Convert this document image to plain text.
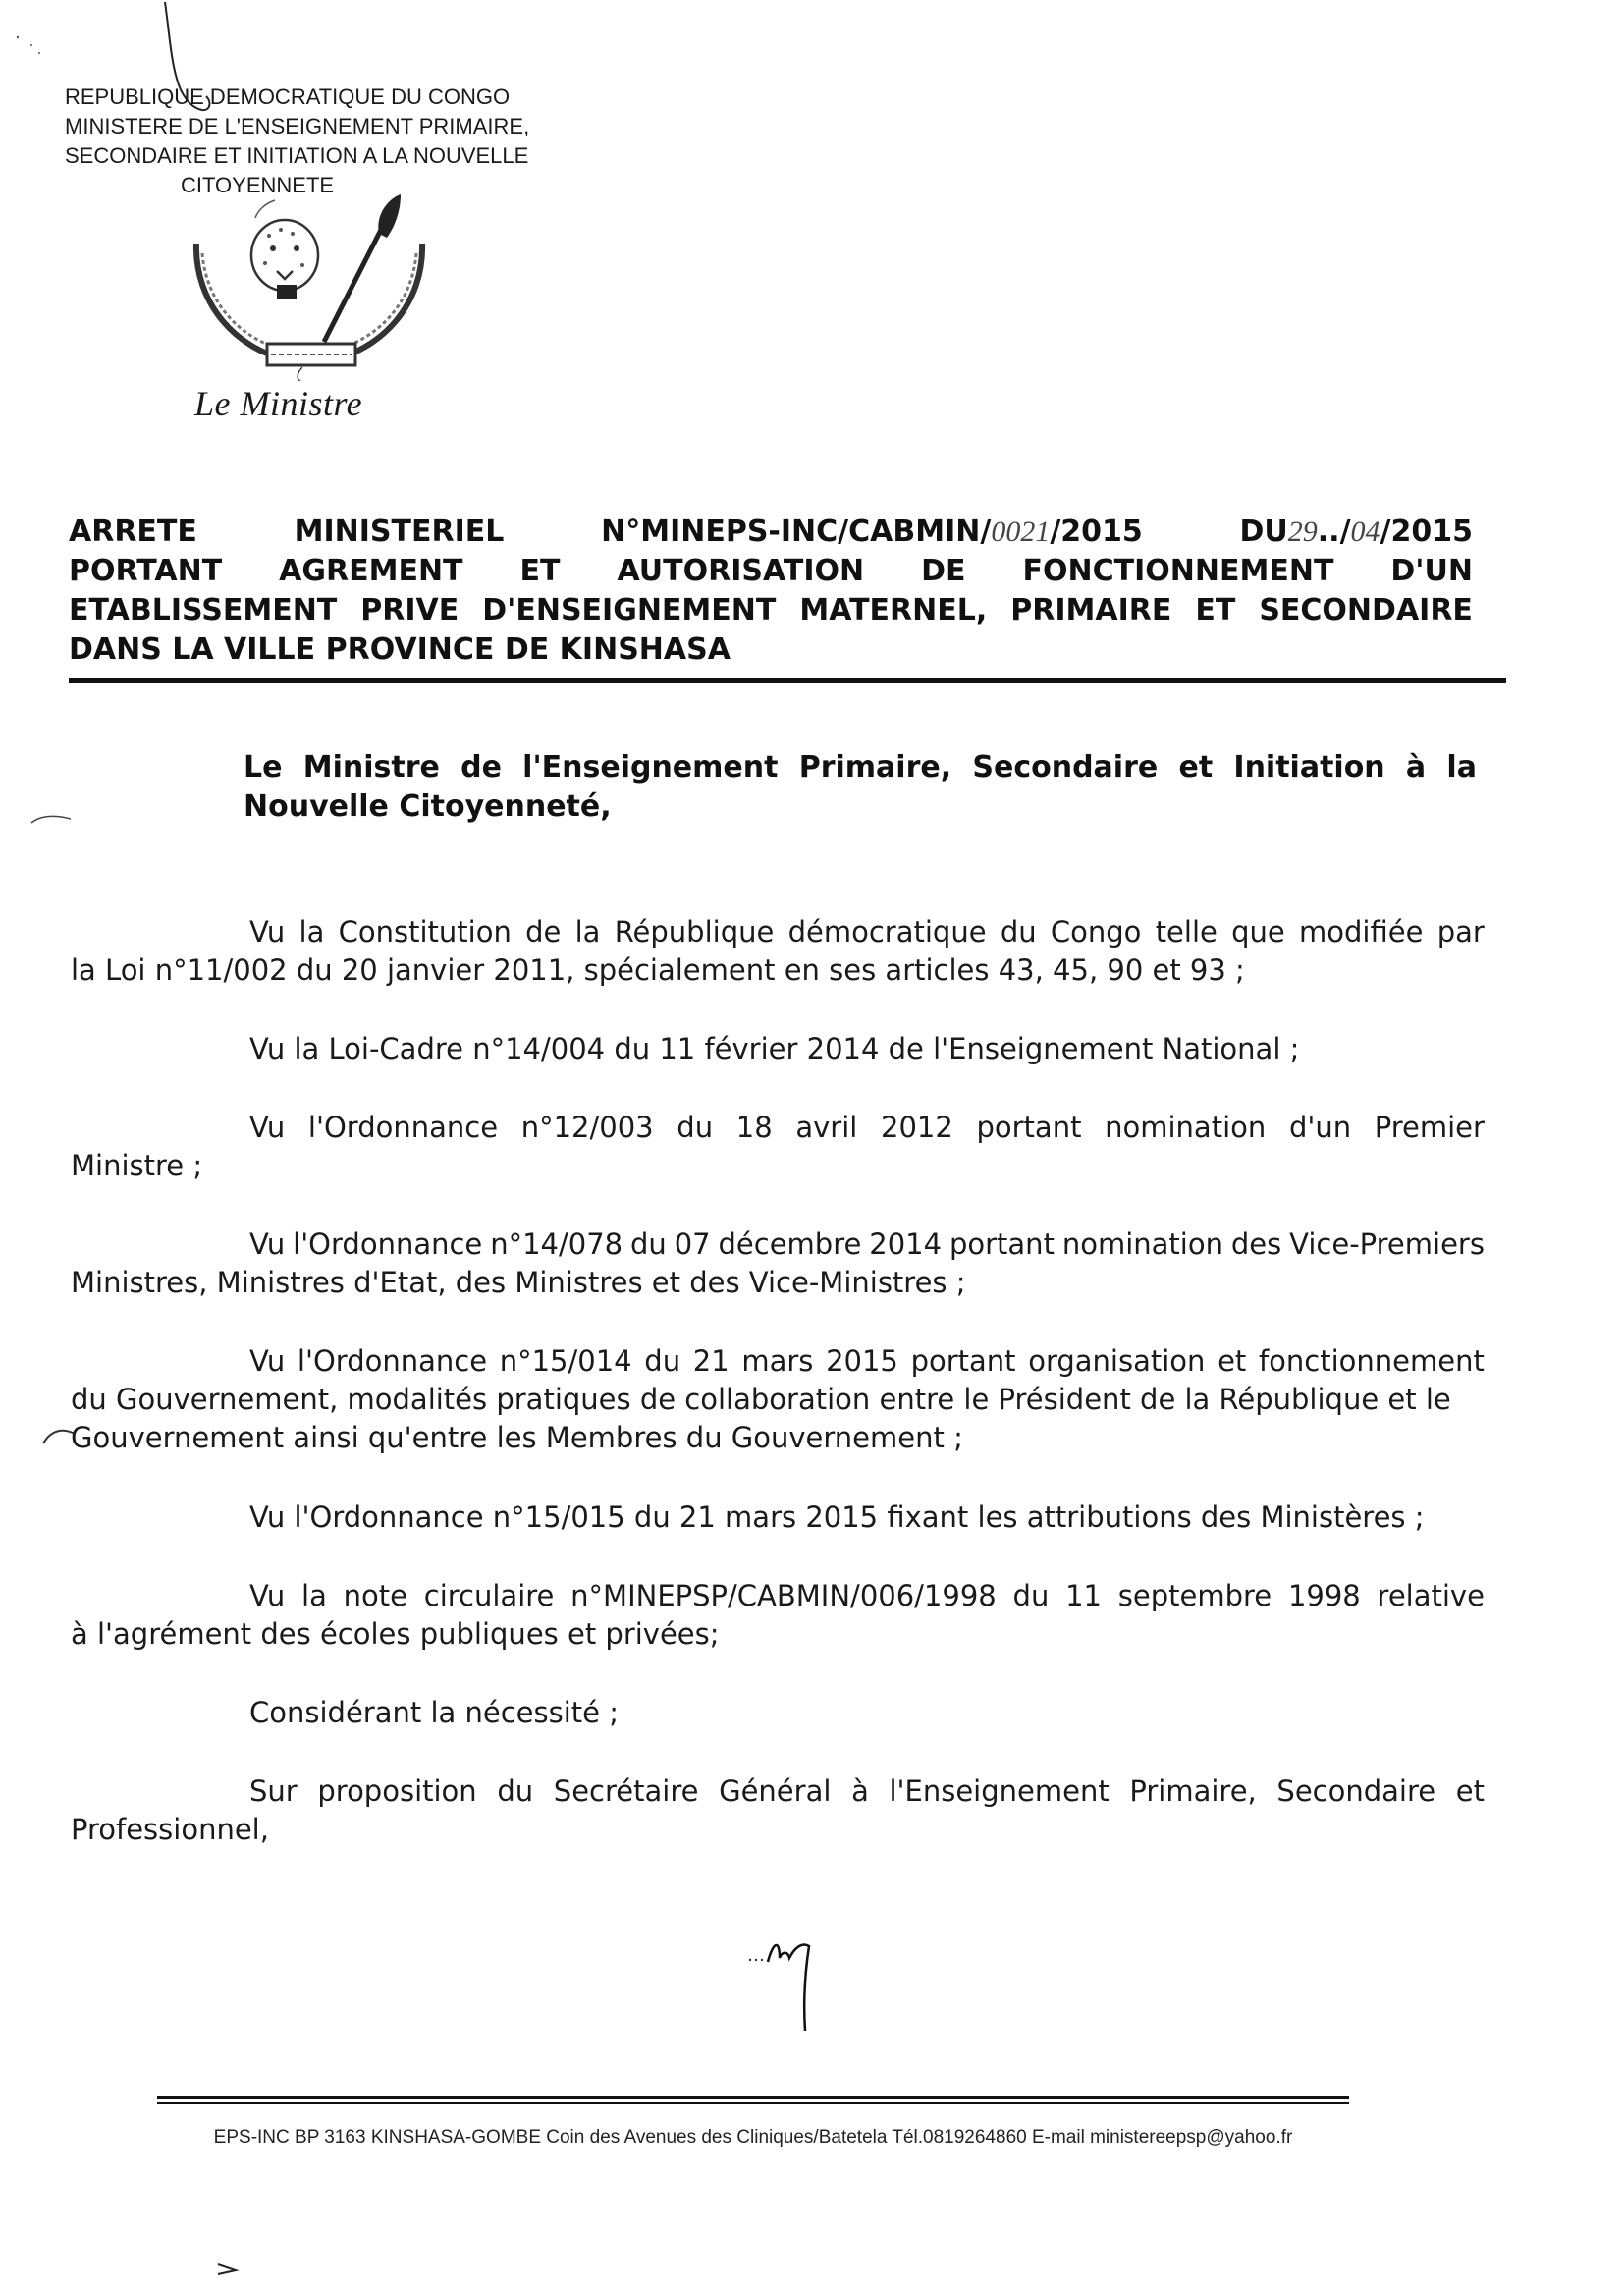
REPUBLIQUE DEMOCRATIQUE DU CONGO
MINISTERE DE L'ENSEIGNEMENT PRIMAIRE,
SECONDAIRE ET INITIATION A LA NOUVELLE
CITOYENNETE
Le Ministre
ARRETE	MINISTERIEL	N°MINEPS-INC/CABMIN/0021/2015	DU29../04/2015
PORTANT AGREMENT ET AUTORISATION DE FONCTIONNEMENT D'UN
ETABLISSEMENT PRIVE D'ENSEIGNEMENT MATERNEL, PRIMAIRE ET SECONDAIRE
DANS LA VILLE PROVINCE DE KINSHASA
Le Ministre de l'Enseignement Primaire, Secondaire et Initiation à la
Nouvelle Citoyenneté,
Vu la Constitution de la République démocratique du Congo telle que modifiée par
la Loi n°11/002 du 20 janvier 2011, spécialement en ses articles 43, 45, 90 et 93 ;
Vu la Loi-Cadre n°14/004 du 11 février 2014 de l'Enseignement National ;
Vu l'Ordonnance n°12/003 du 18 avril 2012 portant nomination d'un Premier
Ministre ;
Vu l'Ordonnance n°14/078 du 07 décembre 2014 portant nomination des Vice-Premiers
Ministres, Ministres d'Etat, des Ministres et des Vice-Ministres ;
Vu l'Ordonnance n°15/014 du 21 mars 2015 portant organisation et fonctionnement
du Gouvernement, modalités pratiques de collaboration entre le Président de la République et le
Gouvernement ainsi qu'entre les Membres du Gouvernement ;
Vu l'Ordonnance n°15/015 du 21 mars 2015 fixant les attributions des Ministères ;
Vu la note circulaire n°MINEPSP/CABMIN/006/1998 du 11 septembre 1998 relative
à l'agrément des écoles publiques et privées;
Considérant la nécessité ;
Sur proposition du Secrétaire Général à l'Enseignement Primaire, Secondaire et
Professionnel,
EPS-INC BP 3163 KINSHASA-GOMBE Coin des Avenues des Cliniques/Batetela Tél.0819264860 E-mail ministereepsp@yahoo.fr
